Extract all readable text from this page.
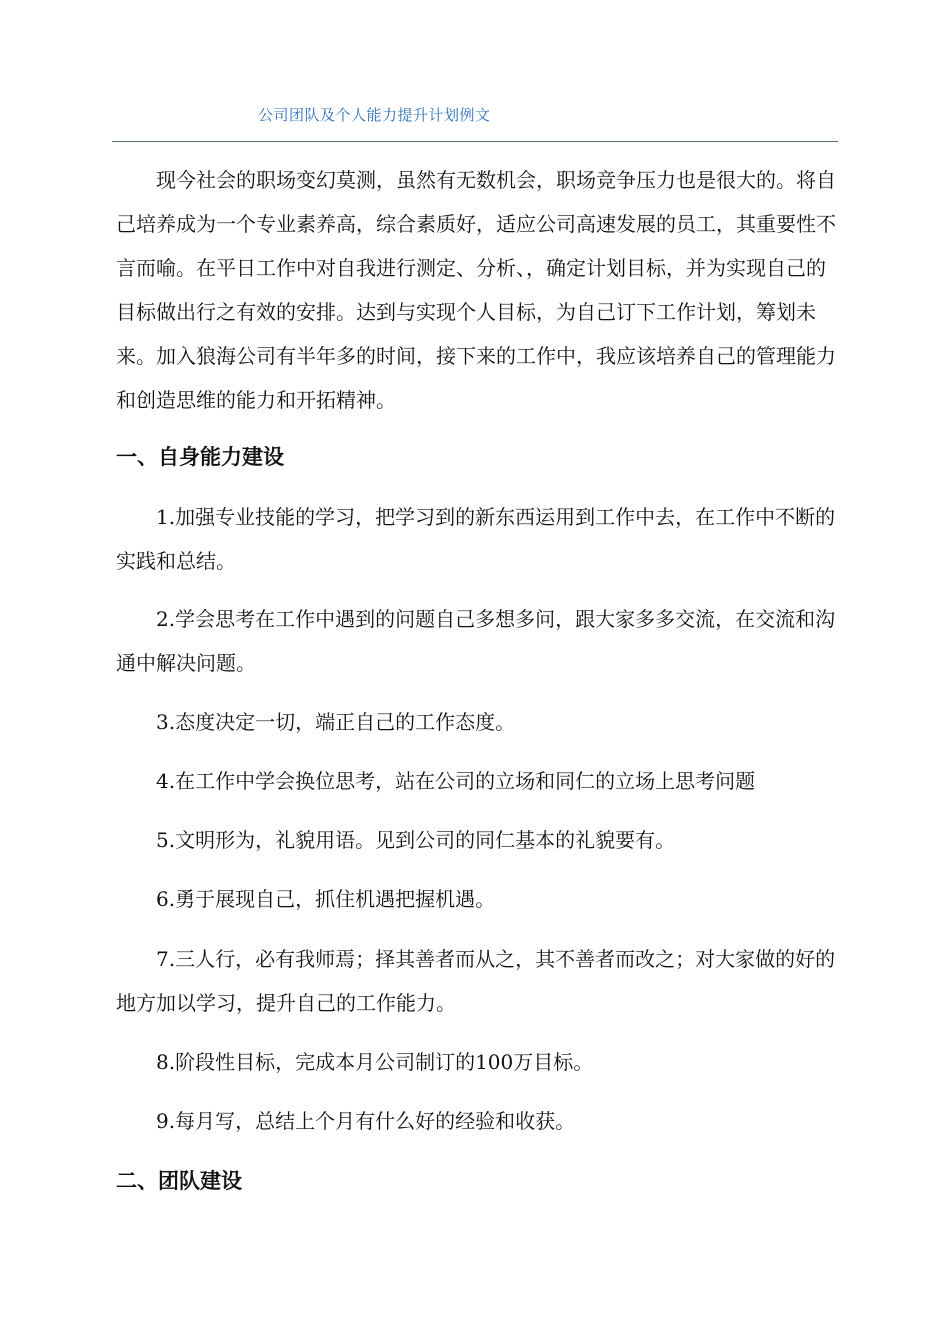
公司团队及个人能力提升计划例文

现今社会的职场变幻莫测，虽然有无数机会，职场竞争压力也是很大的。将自己培养成为一个专业素养高，综合素质好，适应公司高速发展的员工，其重要性不言而喻。在平日工作中对自我进行测定、分析、，确定计划目标，并为实现自己的目标做出行之有效的安排。达到与实现个人目标，为自己订下工作计划，筹划未来。加入狼海公司有半年多的时间，接下来的工作中，我应该培养自己的管理能力和创造思维的能力和开拓精神。

一、自身能力建设

1.加强专业技能的学习，把学习到的新东西运用到工作中去，在工作中不断的实践和总结。

2.学会思考在工作中遇到的问题自己多想多问，跟大家多多交流，在交流和沟通中解决问题。

3.态度决定一切，端正自己的工作态度。

4.在工作中学会换位思考，站在公司的立场和同仁的立场上思考问题

5.文明形为，礼貌用语。见到公司的同仁基本的礼貌要有。

6.勇于展现自己，抓住机遇把握机遇。

7.三人行，必有我师焉；择其善者而从之，其不善者而改之；对大家做的好的地方加以学习，提升自己的工作能力。

8.阶段性目标，完成本月公司制订的100万目标。

9.每月写，总结上个月有什么好的经验和收获。

二、团队建设
